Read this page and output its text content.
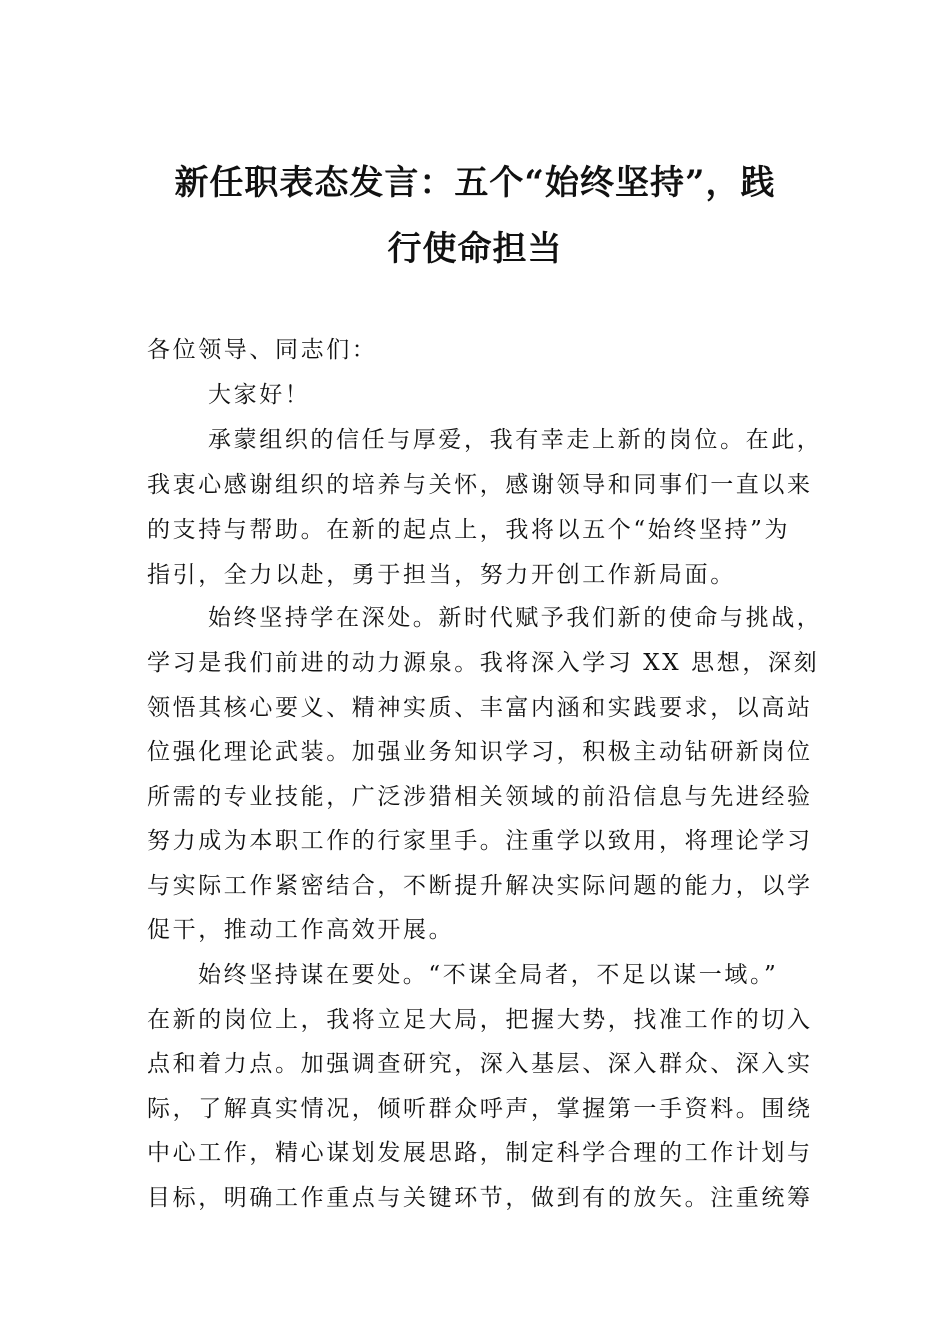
新任职表态发言：五个“始终坚持”，践
行使命担当

各位领导、同志们：

大家好！

承蒙组织的信任与厚爱，我有幸走上新的岗位。在此，

我衷心感谢组织的培养与关怀，感谢领导和同事们一直以来

的支持与帮助。在新的起点上，我将以五个“始终坚持”为

指引，全力以赴，勇于担当，努力开创工作新局面。

始终坚持学在深处。新时代赋予我们新的使命与挑战，

学习是我们前进的动力源泉。我将深入学习 XX 思想，深刻

领悟其核心要义、精神实质、丰富内涵和实践要求，以高站

位强化理论武装。加强业务知识学习，积极主动钻研新岗位

所需的专业技能，广泛涉猎相关领域的前沿信息与先进经验

努力成为本职工作的行家里手。注重学以致用，将理论学习

与实际工作紧密结合，不断提升解决实际问题的能力，以学

促干，推动工作高效开展。

始终坚持谋在要处。“不谋全局者，不足以谋一域。”

在新的岗位上，我将立足大局，把握大势，找准工作的切入

点和着力点。加强调查研究，深入基层、深入群众、深入实

际，了解真实情况，倾听群众呼声，掌握第一手资料。围绕

中心工作，精心谋划发展思路，制定科学合理的工作计划与

目标，明确工作重点与关键环节，做到有的放矢。注重统筹
